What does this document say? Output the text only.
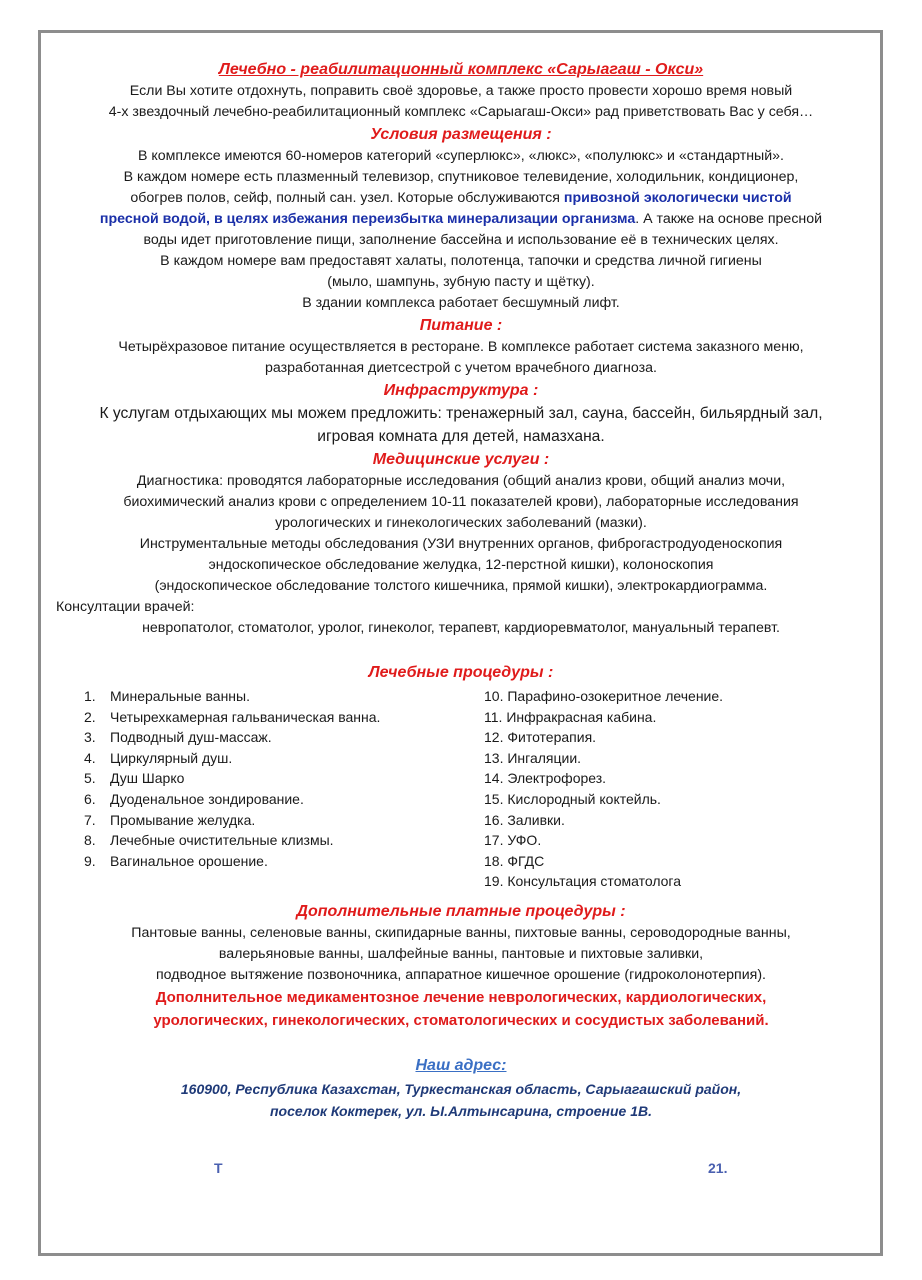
Лечебно - реабилитационный комплекс «Сарыагаш - Окси»

Если Вы хотите отдохнуть, поправить своё здоровье, а также просто провести хорошо время новый

4-х звездочный лечебно-реабилитационный комплекс «Сарыагаш-Окси» рад приветствовать Вас у себя…

Условия размещения :

В комплексе имеются 60-номеров категорий «суперлюкс», «люкс», «полулюкс» и «стандартный».

В каждом номере есть плазменный телевизор, спутниковое телевидение, холодильник, кондиционер,

обогрев полов, сейф, полный сан. узел. Которые обслуживаются привозной экологически чистой

пресной водой, в целях избежания переизбытка минерализации организма. А также на основе пресной

воды идет приготовление пищи, заполнение бассейна и использование её в технических целях.

В каждом номере вам предоставят халаты, полотенца, тапочки и средства личной гигиены

(мыло, шампунь, зубную пасту и щётку).

В здании комплекса работает бесшумный лифт.

Питание :

Четырёхразовое питание осуществляется в ресторане. В комплексе работает система заказного меню,

разработанная диетсестрой с учетом врачебного диагноза.

Инфраструктура :

К услугам отдыхающих мы можем предложить: тренажерный зал, сауна, бассейн, бильярдный зал,

игровая комната для детей, намазхана.

Медицинские услуги :

Диагностика: проводятся лабораторные исследования (общий анализ крови, общий анализ мочи,

биохимический анализ крови с определением 10-11 показателей крови), лабораторные исследования

урологических и гинекологических заболеваний (мазки).

Инструментальные методы обследования (УЗИ внутренних органов, фиброгастродуоденоскопия

эндоскопическое обследование желудка, 12-перстной кишки), колоноскопия

(эндоскопическое обследование толстого кишечника, прямой кишки), электрокардиограмма.

Консултации врачей:

невропатолог, стоматолог, уролог, гинеколог, терапевт, кардиоревматолог, мануальный терапевт.

Лечебные процедуры :

1. Минеральные ванны.
2. Четырехкамерная гальваническая ванна.
3. Подводный душ-массаж.
4. Циркулярный душ.
5. Душ Шарко
6. Дуоденальное зондирование.
7. Промывание желудка.
8. Лечебные очистительные клизмы.
9. Вагинальное орошение.
10. Парафино-озокеритное лечение.
11. Инфракрасная кабина.
12. Фитотерапия.
13. Ингаляции.
14. Электрофорез.
15. Кислородный коктейль.
16. Заливки.
17. УФО.
18. ФГДС
19. Консультация стоматолога

Дополнительные платные процедуры :

Пантовые ванны, селеновые ванны, скипидарные ванны, пихтовые ванны, сероводородные ванны,

валерьяновые ванны, шалфейные ванны, пантовые и пихтовые заливки,

подводное вытяжение позвоночника, аппаратное кишечное орошение (гидроколонотерпия).

Дополнительное медикаментозное лечение неврологических, кардиологических,

урологических, гинекологических, стоматологических и сосудистых заболеваний.

Наш адрес:

160900, Республика Казахстан, Туркестанская область, Сарыагашский район,

поселок Коктерек, ул. Ы.Алтынсарина, строение 1В.

Т	21.
